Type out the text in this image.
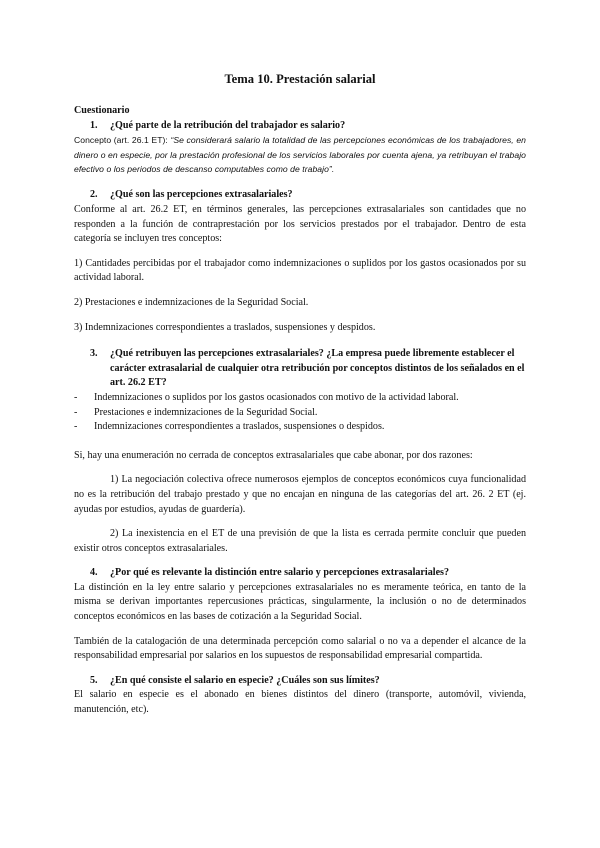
Tema 10. Prestación salarial

Cuestionario

1. ¿Qué parte de la retribución del trabajador es salario?

Concepto (art. 26.1 ET): “Se considerará salario la totalidad de las percepciones económicas de los trabajadores, en dinero o en especie, por la prestación profesional de los servicios laborales por cuenta ajena, ya retribuyan el trabajo efectivo o los periodos de descanso computables como de trabajo”.

2. ¿Qué son las percepciones extrasalariales?

Conforme al art. 26.2 ET, en términos generales, las percepciones extrasalariales son cantidades que no responden a la función de contraprestación por los servicios prestados por el trabajador. Dentro de esta categoría se incluyen tres conceptos:

1) Cantidades percibidas por el trabajador como indemnizaciones o suplidos por los gastos ocasionados por su actividad laboral.

2) Prestaciones e indemnizaciones de la Seguridad Social.

3) Indemnizaciones correspondientes a traslados, suspensiones y despidos.

3. ¿Qué retribuyen las percepciones extrasalariales? ¿La empresa puede libremente establecer el carácter extrasalarial de cualquier otra retribución por conceptos distintos de los señalados en el art. 26.2 ET?

- Indemnizaciones o suplidos por los gastos ocasionados con motivo de la actividad laboral.
- Prestaciones e indemnizaciones de la Seguridad Social.
- Indemnizaciones correspondientes a traslados, suspensiones o despidos.

Si, hay una enumeración no cerrada de conceptos extrasalariales que cabe abonar, por dos razones:

1) La negociación colectiva ofrece numerosos ejemplos de conceptos económicos cuya funcionalidad no es la retribución del trabajo prestado y que no encajan en ninguna de las categorías del art. 26. 2 ET (ej. ayudas por estudios, ayudas de guardería).

2) La inexistencia en el ET de una previsión de que la lista es cerrada permite concluir que pueden existir otros conceptos extrasalariales.

4. ¿Por qué es relevante la distinción entre salario y percepciones extrasalariales?

La distinción en la ley entre salario y percepciones extrasalariales no es meramente teórica, en tanto de la misma se derivan importantes repercusiones prácticas, singularmente, la inclusión o no de determinados conceptos económicos en las bases de cotización a la Seguridad Social.

También de la catalogación de una determinada percepción como salarial o no va a depender el alcance de la responsabilidad empresarial por salarios en los supuestos de responsabilidad empresarial compartida.

5. ¿En qué consiste el salario en especie? ¿Cuáles son sus límites?

El salario en especie es el abonado en bienes distintos del dinero (transporte, automóvil, vivienda, manutención, etc).
